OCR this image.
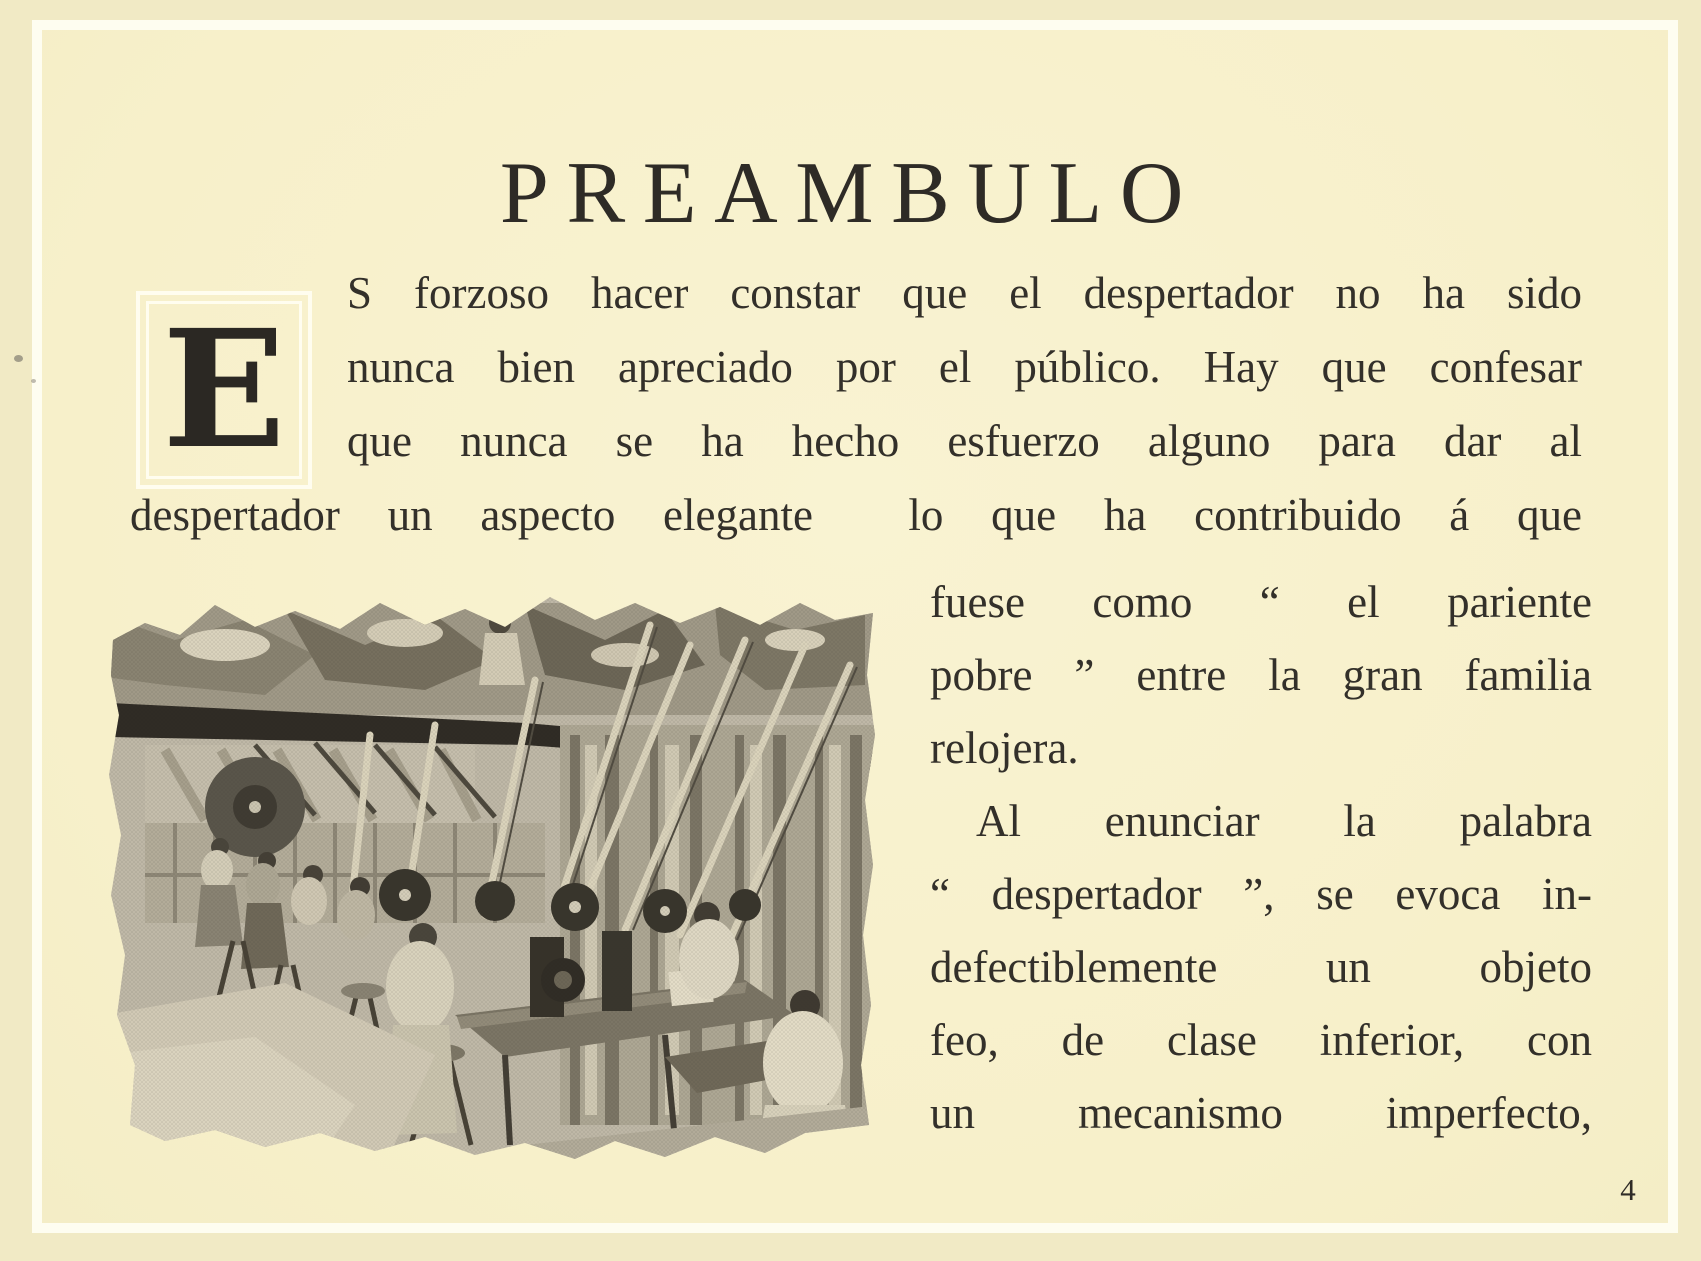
PREAMBULO
E
S forzoso hacer constar que el despertador no ha sido
nunca bien apreciado por el público. Hay que confesar
que nunca se ha hecho esfuerzo alguno para dar al
despertador un aspecto elegante  lo que ha contribuido á que
fuese como “ el pariente
pobre ” entre la gran familia
relojera.
Al enunciar la palabra
“ despertador ”, se evoca in-
defectiblemente un objeto
feo, de clase inferior, con
un mecanismo imperfecto,
4
